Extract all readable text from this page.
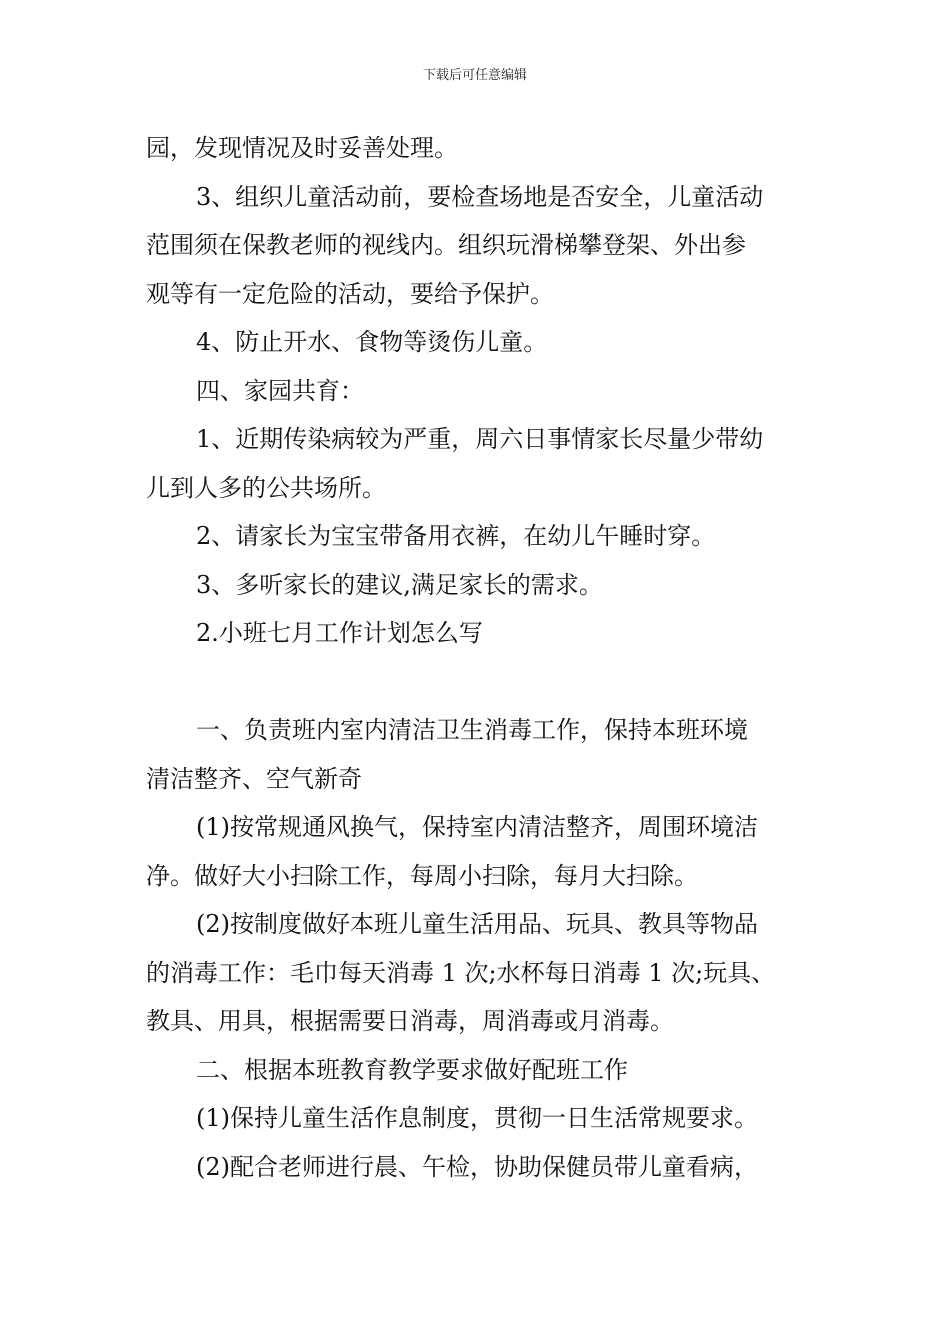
下载后可任意编辑
园，发现情况及时妥善处理。
3、组织儿童活动前，要检查场地是否安全，儿童活动
范围须在保教老师的视线内。组织玩滑梯攀登架、外出参
观等有一定危险的活动，要给予保护。
4、防止开水、食物等烫伤儿童。
四、家园共育：
1、近期传染病较为严重，周六日事情家长尽量少带幼
儿到人多的公共场所。
2、请家长为宝宝带备用衣裤，在幼儿午睡时穿。
3、多听家长的建议,满足家长的需求。
2.小班七月工作计划怎么写
一、负责班内室内清洁卫生消毒工作，保持本班环境
清洁整齐、空气新奇
(1)按常规通风换气，保持室内清洁整齐，周围环境洁
净。做好大小扫除工作，每周小扫除，每月大扫除。
(2)按制度做好本班儿童生活用品、玩具、教具等物品
的消毒工作：毛巾每天消毒 1 次;水杯每日消毒 1 次;玩具、
教具、用具，根据需要日消毒，周消毒或月消毒。
二、根据本班教育教学要求做好配班工作
(1)保持儿童生活作息制度，贯彻一日生活常规要求。
(2)配合老师进行晨、午检，协助保健员带儿童看病，
